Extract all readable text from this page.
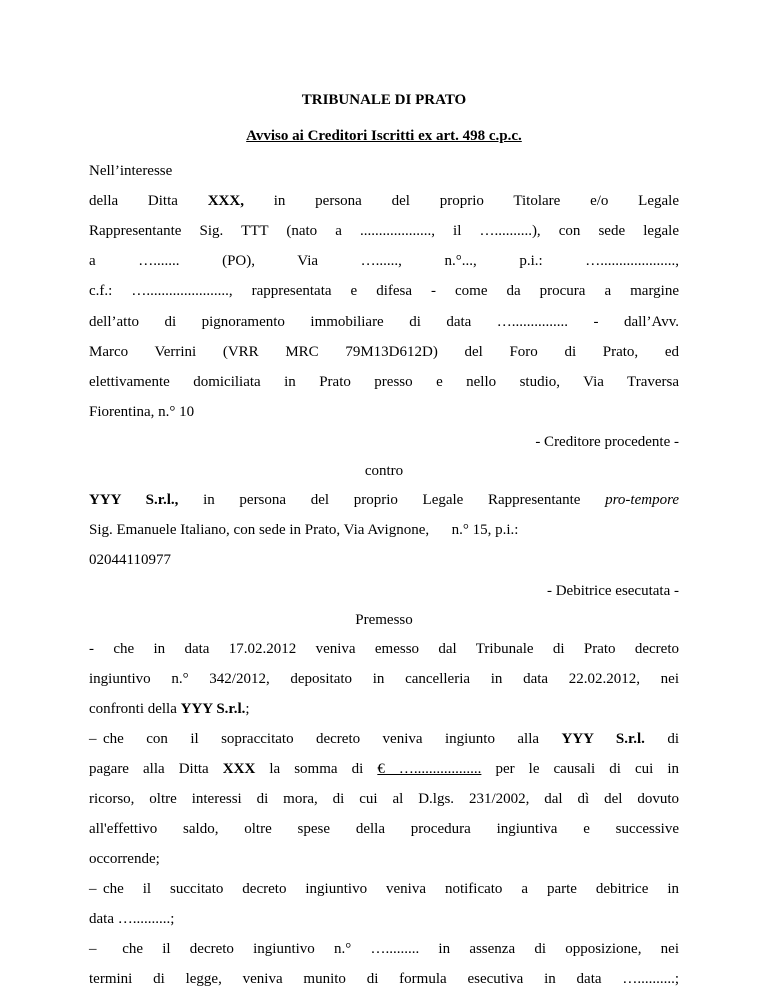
TRIBUNALE DI PRATO
Avviso ai Creditori Iscritti ex art. 498 c.p.c.
Nell’interesse
della Ditta XXX, in persona del proprio Titolare e/o Legale
Rappresentante Sig. TTT (nato a ..................., il …..........), con sede legale
a …....... (PO), Via …......, n.°..., p.i.: …....................,
c.f.: …......................, rappresentata e difesa - come da procura a margine
dell’atto di pignoramento immobiliare di data …............... - dall’Avv.
Marco Verrini (VRR MRC 79M13D612D) del Foro di Prato, ed
elettivamente domiciliata in Prato presso e nello studio, Via Traversa
Fiorentina, n.° 10
- Creditore procedente -
contro
YYY S.r.l., in persona del proprio Legale Rappresentante pro-tempore
Sig. Emanuele Italiano, con sede in Prato, Via Avignone,      n.° 15, p.i.:
02044110977
- Debitrice esecutata -
Premesso
- che in data 17.02.2012 veniva emesso dal Tribunale di Prato decreto
ingiuntivo n.° 342/2012, depositato in cancelleria in data 22.02.2012, nei
confronti della YYY S.r.l.;
– che con il sopraccitato decreto veniva ingiunto alla YYY S.r.l. di
pagare alla Ditta XXX la somma di € ….................. per le causali di cui in
ricorso, oltre interessi di mora, di cui al D.lgs. 231/2002, dal dì del dovuto
all'effettivo saldo, oltre spese della procedura ingiuntiva e successive
occorrende;
– che il succitato decreto ingiuntivo veniva notificato a parte debitrice in
data …..........;
– che il decreto ingiuntivo n.° …......... in assenza di opposizione, nei
termini di legge, veniva munito di formula esecutiva in data …..........;
